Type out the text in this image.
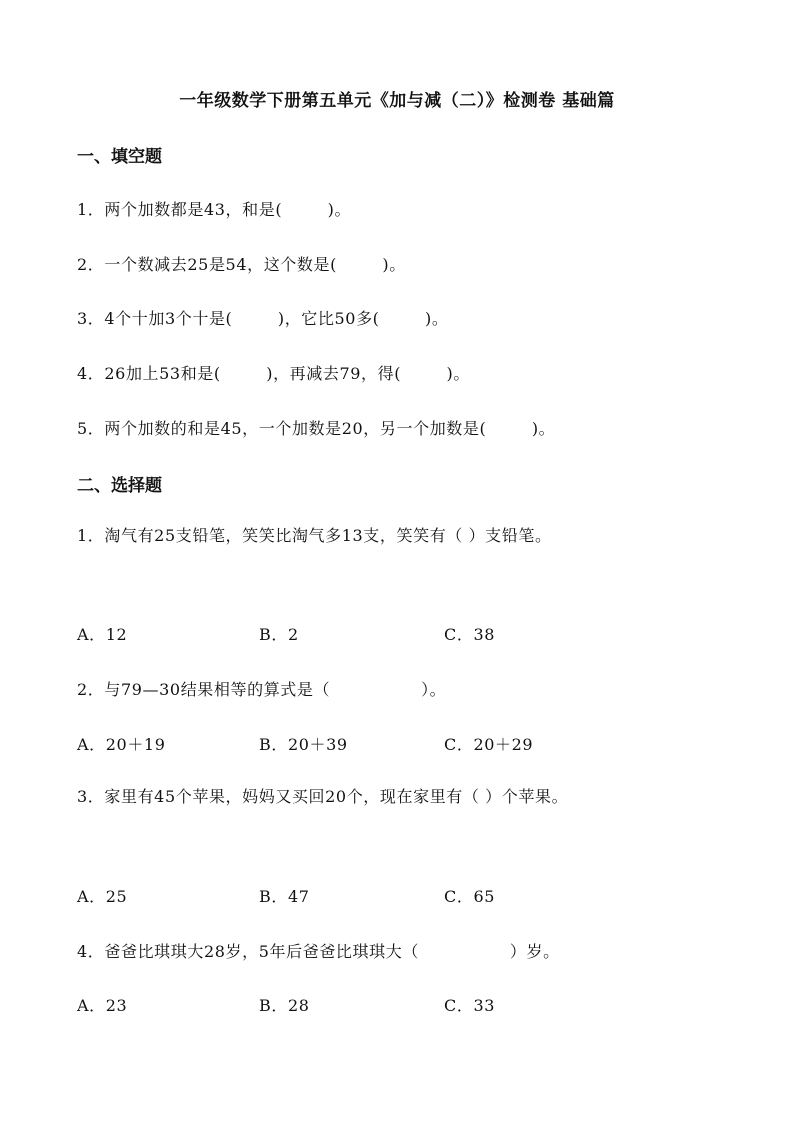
一年级数学下册第五单元《加与减（二）》检测卷 基础篇
一、填空题
1．两个加数都是43，和是(        )。
2．一个数减去25是54，这个数是(        )。
3．4个十加3个十是(        )，它比50多(        )。
4．26加上53和是(        )，再减去79，得(        )。
5．两个加数的和是45，一个加数是20，另一个加数是(        )。
二、选择题
1．淘气有25支铅笔，笑笑比淘气多13支，笑笑有（ ）支铅笔。
A．12	B．2	C．38
2．与79—30结果相等的算式是（                ）。
A．20＋19	B．20＋39	C．20＋29
3．家里有45个苹果，妈妈又买回20个，现在家里有（ ）个苹果。
A．25	B．47	C．65
4．爸爸比琪琪大28岁，5年后爸爸比琪琪大（                ）岁。
A．23	B．28	C．33
